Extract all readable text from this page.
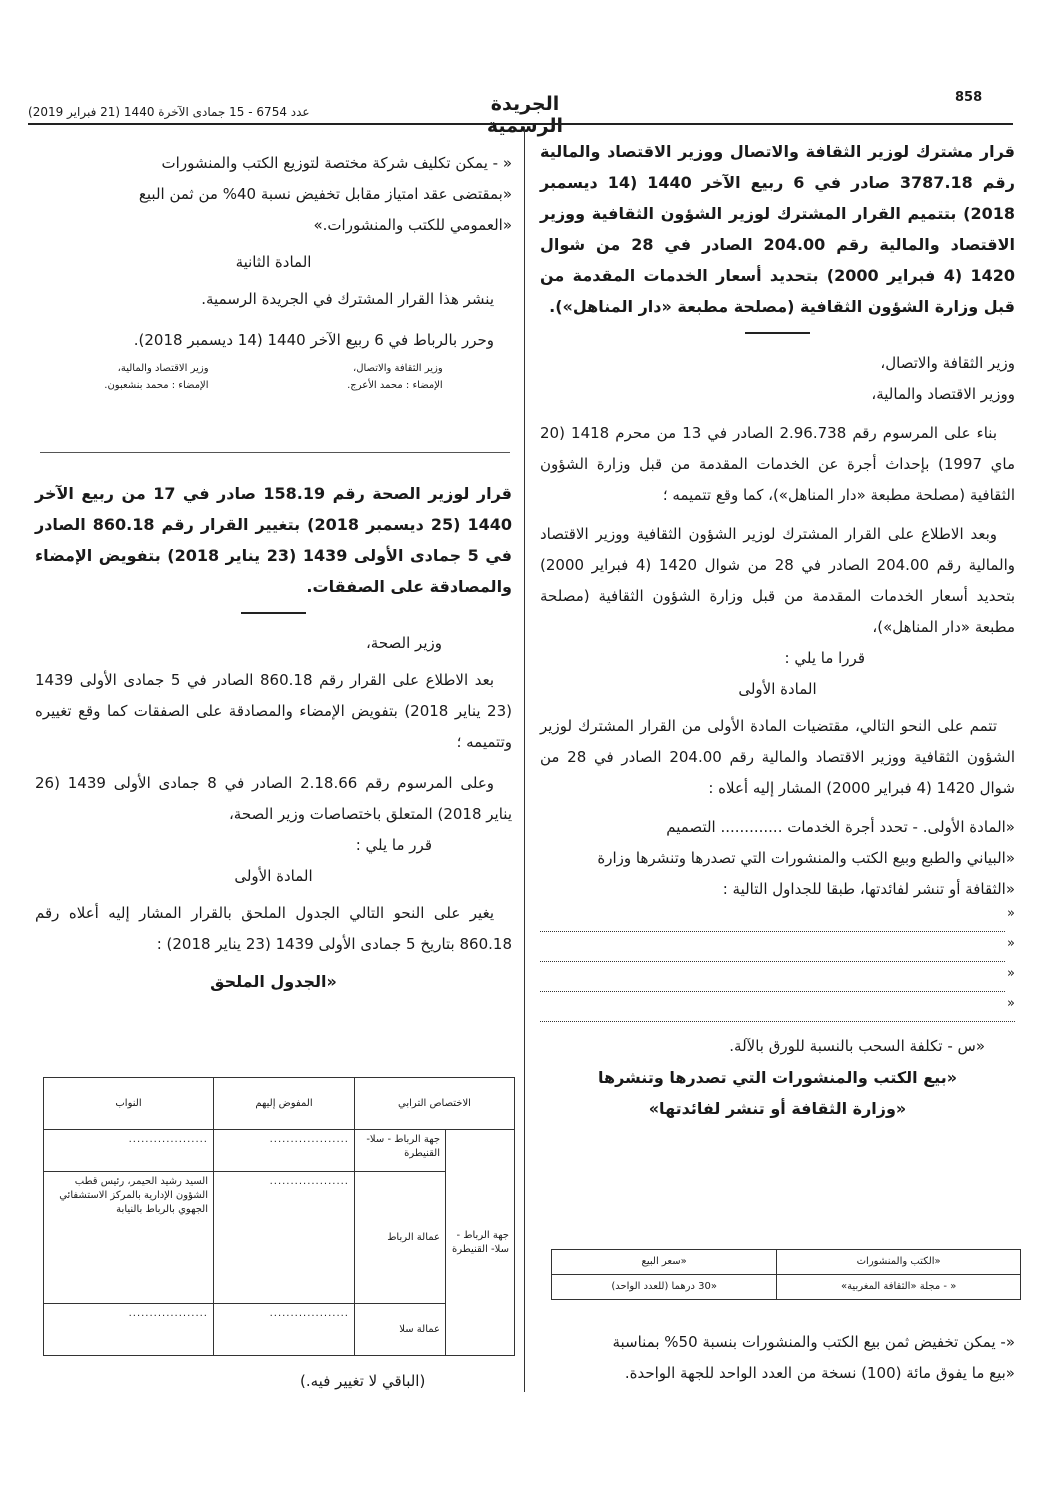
858
الجريدة الرسمية
عدد 6754 - 15 جمادى الآخرة 1440 (21 فبراير 2019)

قرار مشترك لوزير الثقافة والاتصال ووزير الاقتصاد والمالية رقم 3787.18 صادر في 6 ربيع الآخر 1440 (14 ديسمبر 2018) بتتميم القرار المشترك لوزير الشؤون الثقافية ووزير الاقتصاد والمالية رقم 204.00 الصادر في 28 من شوال 1420 (4 فبراير 2000) بتحديد أسعار الخدمات المقدمة من قبل وزارة الشؤون الثقافية (مصلحة مطبعة «دار المناهل»).

وزير الثقافة والاتصال،

ووزير الاقتصاد والمالية،

بناء على المرسوم رقم 2.96.738 الصادر في 13 من محرم 1418 (20 ماي 1997) بإحداث أجرة عن الخدمات المقدمة من قبل وزارة الشؤون الثقافية (مصلحة مطبعة «دار المناهل»)، كما وقع تتميمه ؛

وبعد الاطلاع على القرار المشترك لوزير الشؤون الثقافية ووزير الاقتصاد والمالية رقم 204.00 الصادر في 28 من شوال 1420 (4 فبراير 2000) بتحديد أسعار الخدمات المقدمة من قبل وزارة الشؤون الثقافية (مصلحة مطبعة «دار المناهل»)،

قررا ما يلي :

المادة الأولى

تتمم على النحو التالي، مقتضيات المادة الأولى من القرار المشترك لوزير الشؤون الثقافية ووزير الاقتصاد والمالية رقم 204.00 الصادر في 28 من شوال 1420 (4 فبراير 2000) المشار إليه أعلاه :

«المادة الأولى. - تحدد أجرة الخدمات ............. التصميم

«البياني والطبع وبيع الكتب والمنشورات التي تصدرها وتنشرها وزارة

«الثقافة أو تنشر لفائدتها، طبقا للجداول التالية :

«
«
«
«

«س - تكلفة السحب بالنسبة للورق بالآلة.

«بيع الكتب والمنشورات التي تصدرها وتنشرها

«وزارة الثقافة أو تنشر لفائدتها»

«الكتب والمنشورات	«سعر البيع
« - مجلة «الثقافة المغربية»	«30 درهما (للعدد الواحد)

«- يمكن تخفيض ثمن بيع الكتب والمنشورات بنسبة 50% بمناسبة

«بيع ما يفوق مائة (100) نسخة من العدد الواحد للجهة الواحدة.

« - يمكن تكليف شركة مختصة لتوزيع الكتب والمنشورات

«بمقتضى عقد امتياز مقابل تخفيض نسبة 40% من ثمن البيع

«العمومي للكتب والمنشورات.»

المادة الثانية

ينشر هذا القرار المشترك في الجريدة الرسمية.

وحرر بالرباط في 6 ربيع الآخر 1440 (14 ديسمبر 2018).

وزير الثقافة والاتصال،
الإمضاء : محمد الأعرج.
وزير الاقتصاد والمالية،
الإمضاء : محمد بنشعبون.

قرار لوزير الصحة رقم 158.19 صادر في 17 من ربيع الآخر 1440 (25 ديسمبر 2018) بتغيير القرار رقم 860.18 الصادر في 5 جمادى الأولى 1439 (23 يناير 2018) بتفويض الإمضاء والمصادقة على الصفقات.

وزير الصحة،

بعد الاطلاع على القرار رقم 860.18 الصادر في 5 جمادى الأولى 1439 (23 يناير 2018) بتفويض الإمضاء والمصادقة على الصفقات كما وقع تغييره وتتميمه ؛

وعلى المرسوم رقم 2.18.66 الصادر في 8 جمادى الأولى 1439 (26 يناير 2018) المتعلق باختصاصات وزير الصحة،

قرر ما يلي :

المادة الأولى

يغير على النحو التالي الجدول الملحق بالقرار المشار إليه أعلاه رقم 860.18 بتاريخ 5 جمادى الأولى 1439 (23 يناير 2018) :

«الجدول الملحق

الاختصاص الترابي		المفوض إليهم	النواب
جهة الرباط - سلا- القنيطرة	جهة الرباط - سلا- القنيطرة	...................	...................
	عمالة الرباط	...................	السيد رشيد الحيمر، رئيس قطب الشؤون الإدارية بالمركز الاستشفائي الجهوي بالرباط بالنيابة
	عمالة سلا	...................	...................
(الباقي لا تغيير فيه.)
